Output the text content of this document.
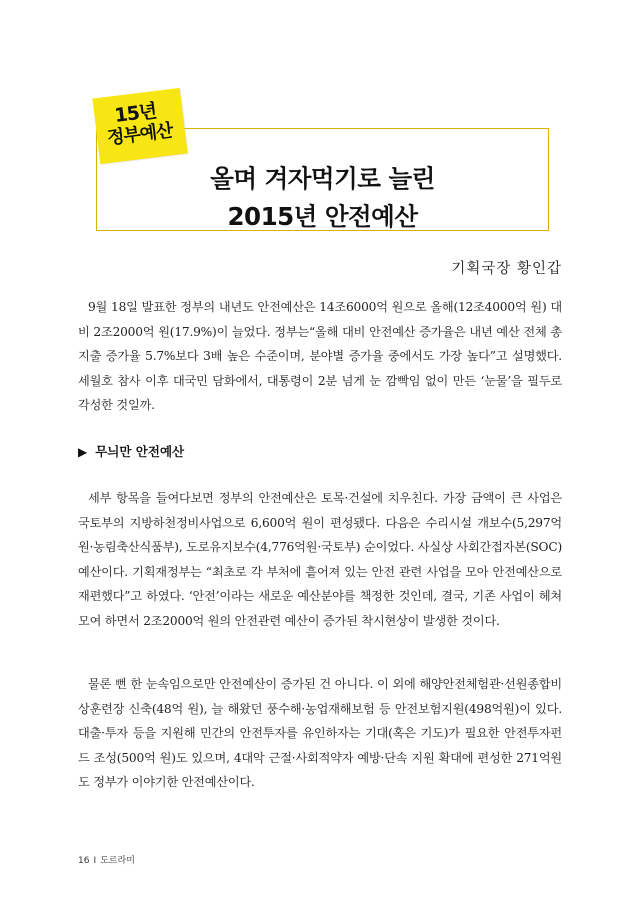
올며 겨자먹기로 늘린
2015년 안전예산
15년
정부예산
기획국장 황인갑

9월 18일 발표한 정부의 내년도 안전예산은 14조6000억 원으로 올해(12조4000억 원) 대비 2조2000억 원(17.9%)이 늘었다. 정부는“올해 대비 안전예산 증가율은 내년 예산 전체 총지출 증가율 5.7%보다 3배 높은 수준이며, 분야별 증가율 중에서도 가장 높다”고 설명했다. 세월호 참사 이후 대국민 담화에서, 대통령이 2분 넘게 눈 깜빡임 없이 만든 ‘눈물’을 필두로 각성한 것일까.

▶ 무늬만 안전예산

세부 항목을 들여다보면 정부의 안전예산은 토목·건설에 치우친다. 가장 금액이 큰 사업은 국토부의 지방하천정비사업으로 6,600억 원이 편성됐다. 다음은 수리시설 개보수(5,297억 원·농림축산식품부), 도로유지보수(4,776억원·국토부) 순이었다. 사실상 사회간접자본(SOC) 예산이다. 기획재정부는 “최초로 각 부처에 흩어져 있는 안전 관련 사업을 모아 안전예산으로 재편했다”고 하였다. ‘안전’이라는 새로운 예산분야를 책정한 것인데, 결국, 기존 사업이 헤쳐모여 하면서 2조2000억 원의 안전관련 예산이 증가된 착시현상이 발생한 것이다.

물론 뻔 한 눈속임으로만 안전예산이 증가된 건 아니다. 이 외에 해양안전체험관·선원종합비상훈련장 신축(48억 원), 늘 해왔던 풍수해·농업재해보험 등 안전보험지원(498억원)이 있다. 대출·투자 등을 지원해 민간의 안전투자를 유인하자는 기대(혹은 기도)가 필요한 안전투자펀드 조성(500억 원)도 있으며, 4대악 근절·사회적약자 예방·단속 지원 확대에 편성한 271억원도 정부가 이야기한 안전예산이다.

16 I 도르라미
